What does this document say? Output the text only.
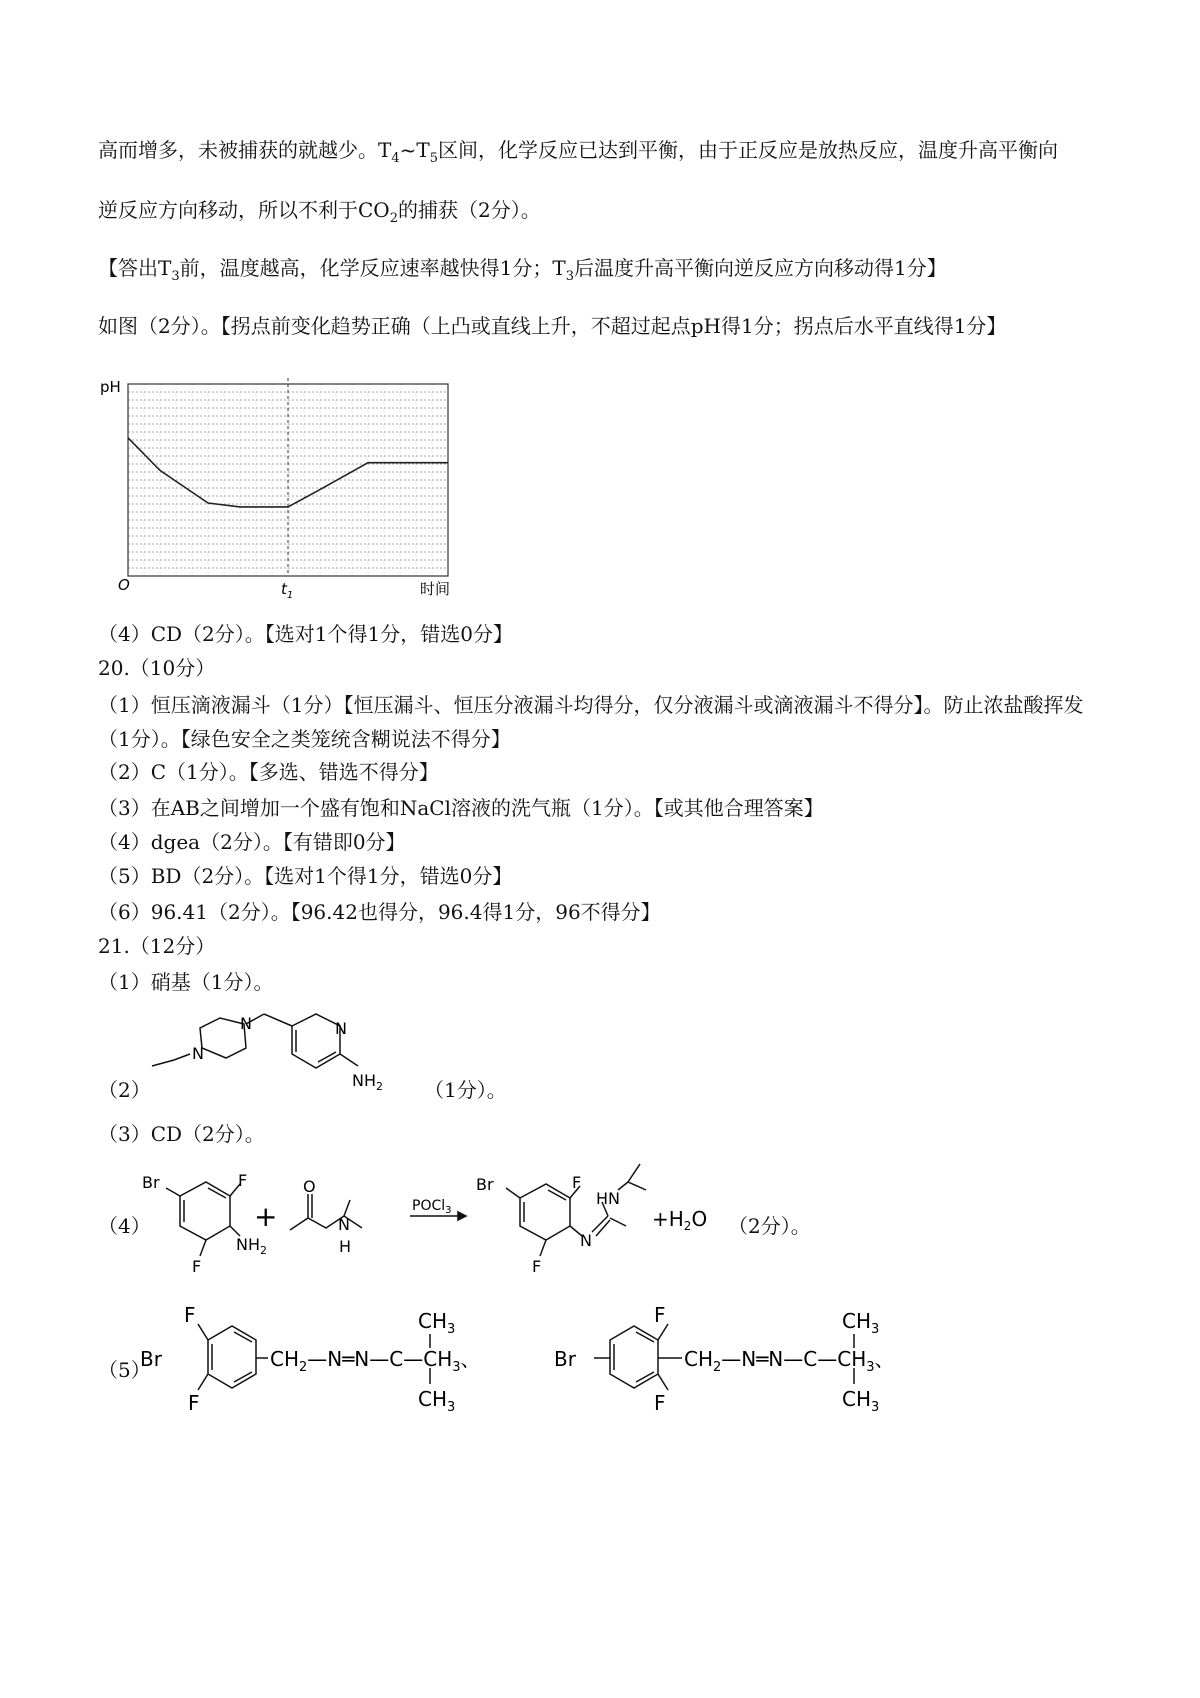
高而增多，未被捕获的就越少。$T_4\sim T_5$区间，化学反应已达到平衡，由于正反应是放热反应，温度升高平衡向
逆反应方向移动，所以不利于$CO_2$的捕获（2分）。
【答出$T_3$前，温度越高，化学反应速率越快得1分；$T_3$后温度升高平衡向逆反应方向移动得1分】
如图（2分）。【拐点前变化趋势正确（上凸或直线上升，不超过起点pH得1分；拐点后水平直线得1分】
pH
O	$t_1$	时间
（4）CD（2分）。【选对1个得1分，错选0分】
20.（10分）
（1）恒压滴液漏斗（1分）【恒压漏斗、恒压分液漏斗均得分，仅分液漏斗或滴液漏斗不得分】。防止浓盐酸挥发（1分）。【绿色安全之类笼统含糊说法不得分】
（2）C（1分）。【多选、错选不得分】
（3）在AB之间增加一个盛有饱和NaCl溶液的洗气瓶（1分）。【或其他合理答案】
（4）dgea（2分）。【有错即0分】
（5）BD（2分）。【选对1个得1分，错选0分】
（6）96.41（2分）。【96.42也得分，96.4得1分，96不得分】
21.（12分）
（1）硝基（1分）。
（2）
N
N	N
$NH_2$ （1分）。
（3）CD（2分）。
（4）
Br	F
F
$NH_2$
+
O
N
H
POCl$_3$
Br	F
F
HN
N
$+H_2O$ （2分）。
（5）
F
Br
F
$CH_2—N═N—C—CH_3$、
$CH_3$
$CH_3$
F
Br
F
$CH_2—N═N—C—CH_3$、
$CH_3$
$CH_3$
